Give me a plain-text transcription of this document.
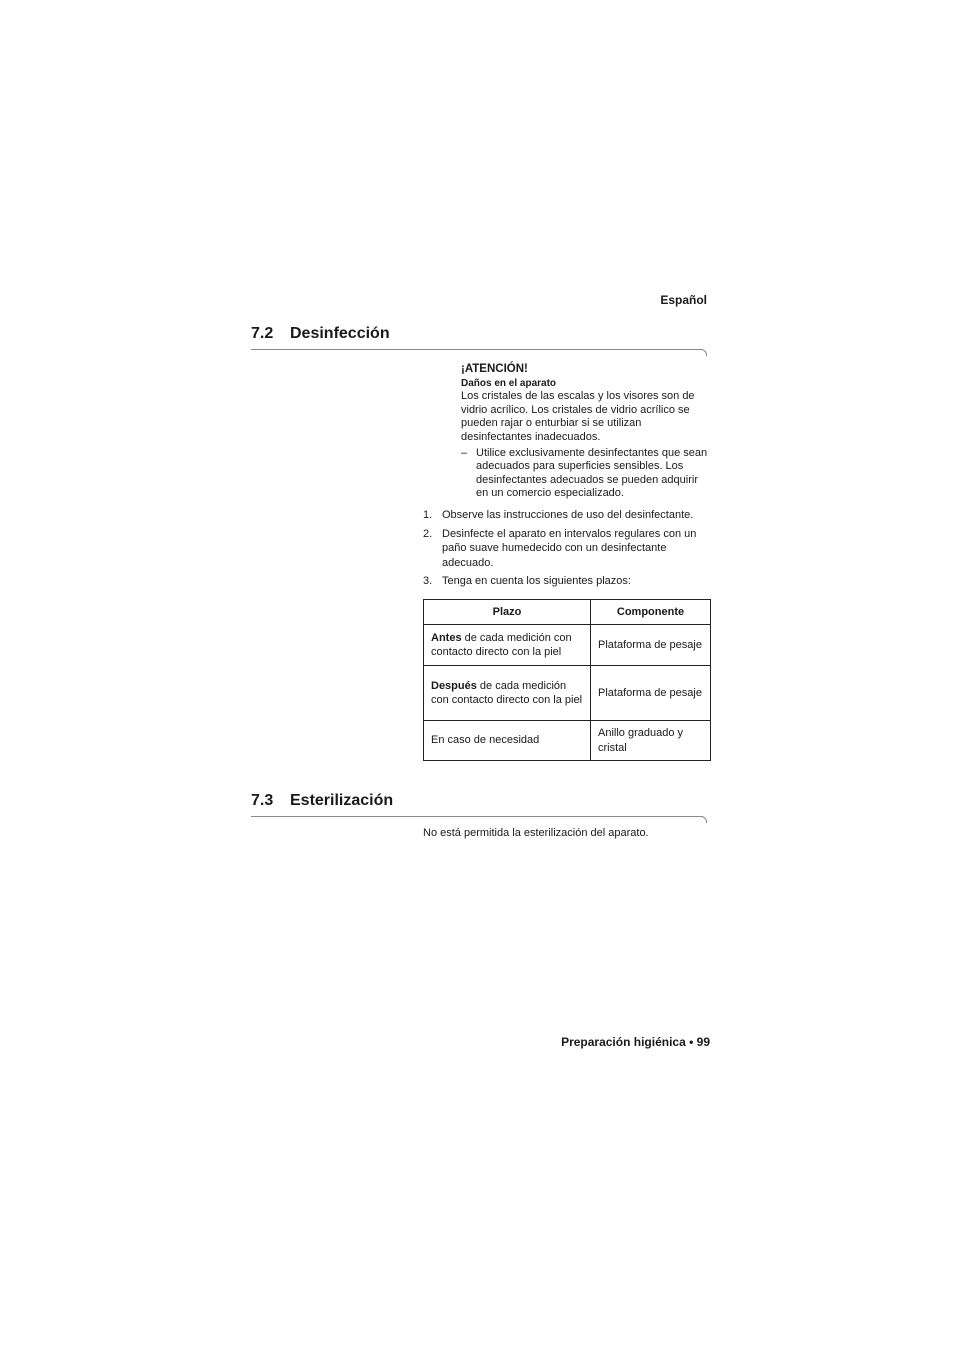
Español
7.2 Desinfección
¡ATENCIÓN!
Daños en el aparato
Los cristales de las escalas y los visores son de vidrio acrílico. Los cristales de vidrio acrílico se pueden rajar o enturbiar si se utilizan desinfectantes inadecuados.
– Utilice exclusivamente desinfectantes que sean adecuados para superficies sensibles. Los desinfectantes adecuados se pueden adquirir en un comercio especializado.
1. Observe las instrucciones de uso del desinfectante.
2. Desinfecte el aparato en intervalos regulares con un paño suave humedecido con un desinfectante adecuado.
3. Tenga en cuenta los siguientes plazos:
Plazo	Componente
Antes de cada medición con contacto directo con la piel	Plataforma de pesaje
Después de cada medición con contacto directo con la piel	Plataforma de pesaje
En caso de necesidad	Anillo graduado y cristal
7.3 Esterilización
No está permitida la esterilización del aparato.
Preparación higiénica • 99
